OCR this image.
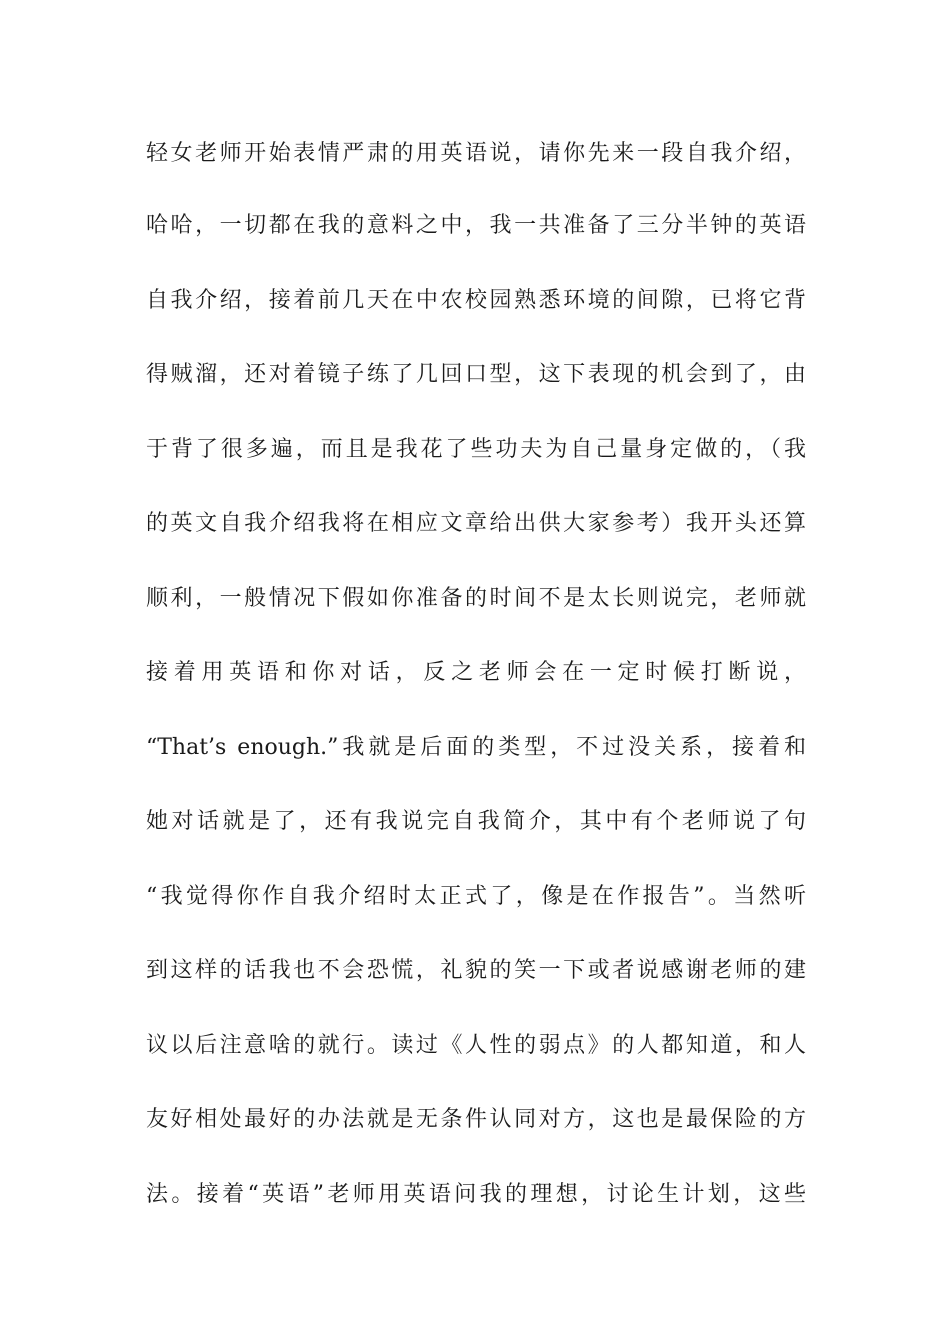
轻女老师开始表情严肃的用英语说，请你先来一段自我介绍，
哈哈，一切都在我的意料之中，我一共准备了三分半钟的英语
自我介绍，接着前几天在中农校园熟悉环境的间隙，已将它背
得贼溜，还对着镜子练了几回口型，这下表现的机会到了，由
于背了很多遍，而且是我花了些功夫为自己量身定做的，（我
的英文自我介绍我将在相应文章给出供大家参考）我开头还算
顺利，一般情况下假如你准备的时间不是太长则说完，老师就
接着用英语和你对话，反之老师会在一定时候打断说，
“That’s enough.”我就是后面的类型，不过没关系，接着和
她对话就是了，还有我说完自我简介，其中有个老师说了句
“我觉得你作自我介绍时太正式了，像是在作报告”。当然听
到这样的话我也不会恐慌，礼貌的笑一下或者说感谢老师的建
议以后注意啥的就行。读过《人性的弱点》的人都知道，和人
友好相处最好的办法就是无条件认同对方，这也是最保险的方
法。接着“英语”老师用英语问我的理想，讨论生计划，这些
